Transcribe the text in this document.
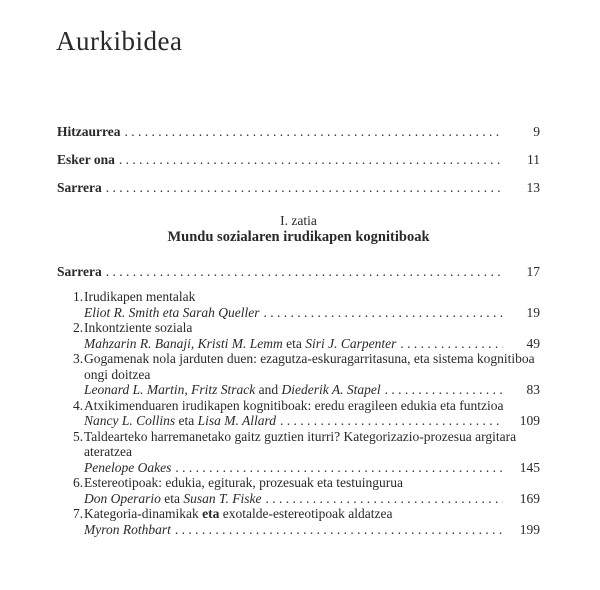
Aurkibidea
Hitzaurrea . . .	9
Esker ona . . .	11
Sarrera . . .	13
I. zatia
Mundu sozialaren irudikapen kognitiboak
Sarrera . . .	17
1. Irudikapen mentalak
Eliot R. Smith eta Sarah Queller . . .	19
2. Inkontziente soziala
Mahzarin R. Banaji, Kristi M. Lemm eta Siri J. Carpenter . . .	49
3. Gogamenak nola jarduten duen: ezagutza-eskuragarritasuna, eta sistema kognitiboa ongi doitzea
Leonard L. Martin, Fritz Strack and Diederik A. Stapel . . .	83
4. Atxikimenduaren irudikapen kognitiboak: eredu eragileen edukia eta funtzioa
Nancy L. Collins eta Lisa M. Allard . . .	109
5. Taldearteko harremanetako gaitz guztien iturri? Kategorizazio-prozesua argitara ateratzea
Penelope Oakes . . .	145
6. Estereotipoak: edukia, egiturak, prozesuak eta testuingurua
Don Operario eta Susan T. Fiske . . .	169
7. Kategoria-dinamikak eta exotalde-estereotipoak aldatzea
Myron Rothbart . . .	199
